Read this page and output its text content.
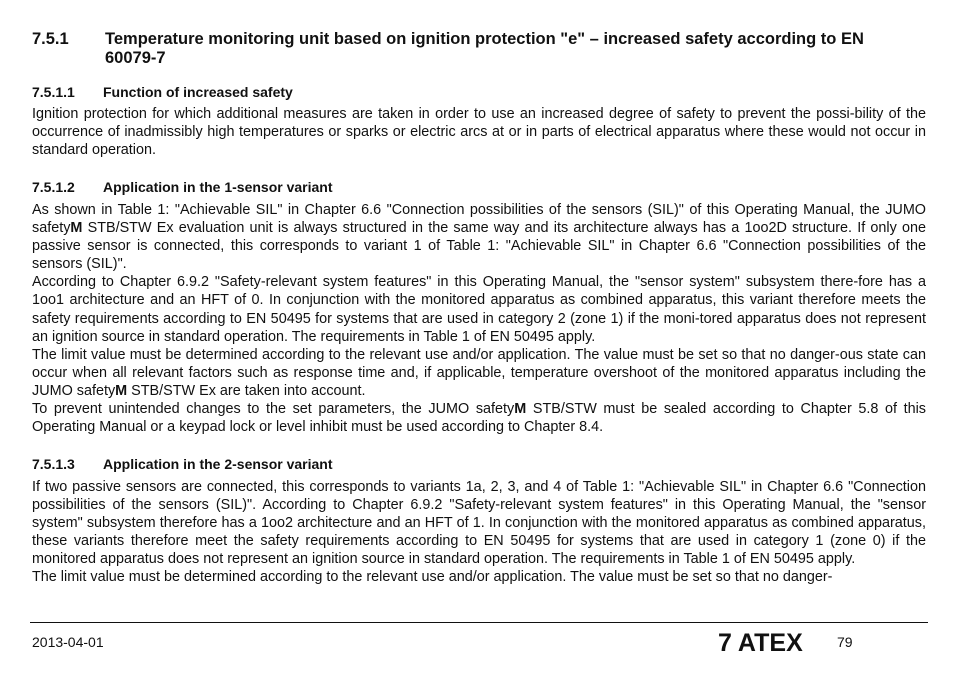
7.5.1 Temperature monitoring unit based on ignition protection "e" – increased safety according to EN 60079-7
7.5.1.1 Function of increased safety

Ignition protection for which additional measures are taken in order to use an increased degree of safety to prevent the possi-bility of the occurrence of inadmissibly high temperatures or sparks or electric arcs at or in parts of electrical apparatus where these would not occur in standard operation.

7.5.1.2 Application in the 1-sensor variant

As shown in Table 1: "Achievable SIL" in Chapter 6.6 "Connection possibilities of the sensors (SIL)" of this Operating Manual, the JUMO safetyM STB/STW Ex evaluation unit is always structured in the same way and its architecture always has a 1oo2D structure. If only one passive sensor is connected, this corresponds to variant 1 of Table 1: "Achievable SIL" in Chapter 6.6 "Connection possibilities of the sensors (SIL)".

According to Chapter 6.9.2 "Safety-relevant system features" in this Operating Manual, the "sensor system" subsystem there-fore has a 1oo1 architecture and an HFT of 0. In conjunction with the monitored apparatus as combined apparatus, this variant therefore meets the safety requirements according to EN 50495 for systems that are used in category 2 (zone 1) if the moni-tored apparatus does not represent an ignition source in standard operation. The requirements in Table 1 of EN 50495 apply.

The limit value must be determined according to the relevant use and/or application. The value must be set so that no danger-ous state can occur when all relevant factors such as response time and, if applicable, temperature overshoot of the monitored apparatus including the JUMO safetyM STB/STW Ex are taken into account.

To prevent unintended changes to the set parameters, the JUMO safetyM STB/STW must be sealed according to Chapter 5.8 of this Operating Manual or a keypad lock or level inhibit must be used according to Chapter 8.4.

7.5.1.3 Application in the 2-sensor variant

If two passive sensors are connected, this corresponds to variants 1a, 2, 3, and 4 of Table 1: "Achievable SIL" in Chapter 6.6 "Connection possibilities of the sensors (SIL)". According to Chapter 6.9.2 "Safety-relevant system features" in this Operating Manual, the "sensor system" subsystem therefore has a 1oo2 architecture and an HFT of 1. In conjunction with the monitored apparatus as combined apparatus, these variants therefore meet the safety requirements according to EN 50495 for systems that are used in category 1 (zone 0) if the monitored apparatus does not represent an ignition source in standard operation. The requirements in Table 1 of EN 50495 apply.

The limit value must be determined according to the relevant use and/or application. The value must be set so that no danger-

2013-04-01	7 ATEX 79
